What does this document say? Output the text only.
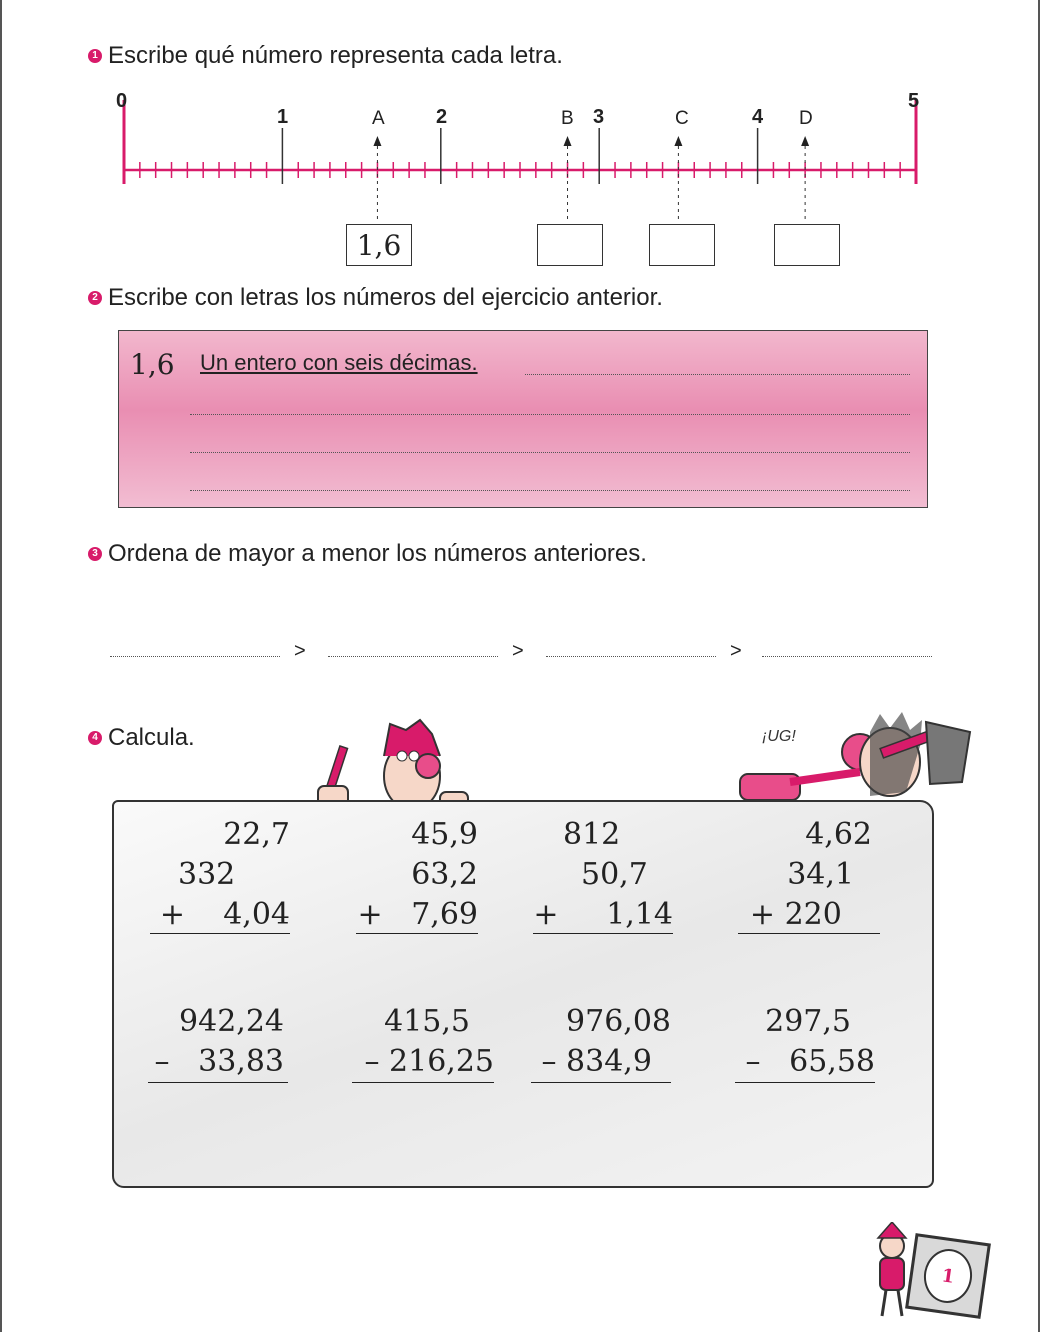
1 Escribe qué número representa cada letra.
0
1	2	3	4
5
A	B	C	D
1,6
2 Escribe con letras los números del ejercicio anterior.
1,6 Un entero con seis décimas.
3 Ordena de mayor a menor los números anteriores.
>	>	>
4 Calcula.	¡UG!
22,7
332
+    4,04
45,9
63,2
+   7,69
812
50,7
+     1,14
4,62
34,1
+ 220
942,24
–   33,83
415,5
– 216,25
976,08
– 834,9
297,5
–   65,58
1
